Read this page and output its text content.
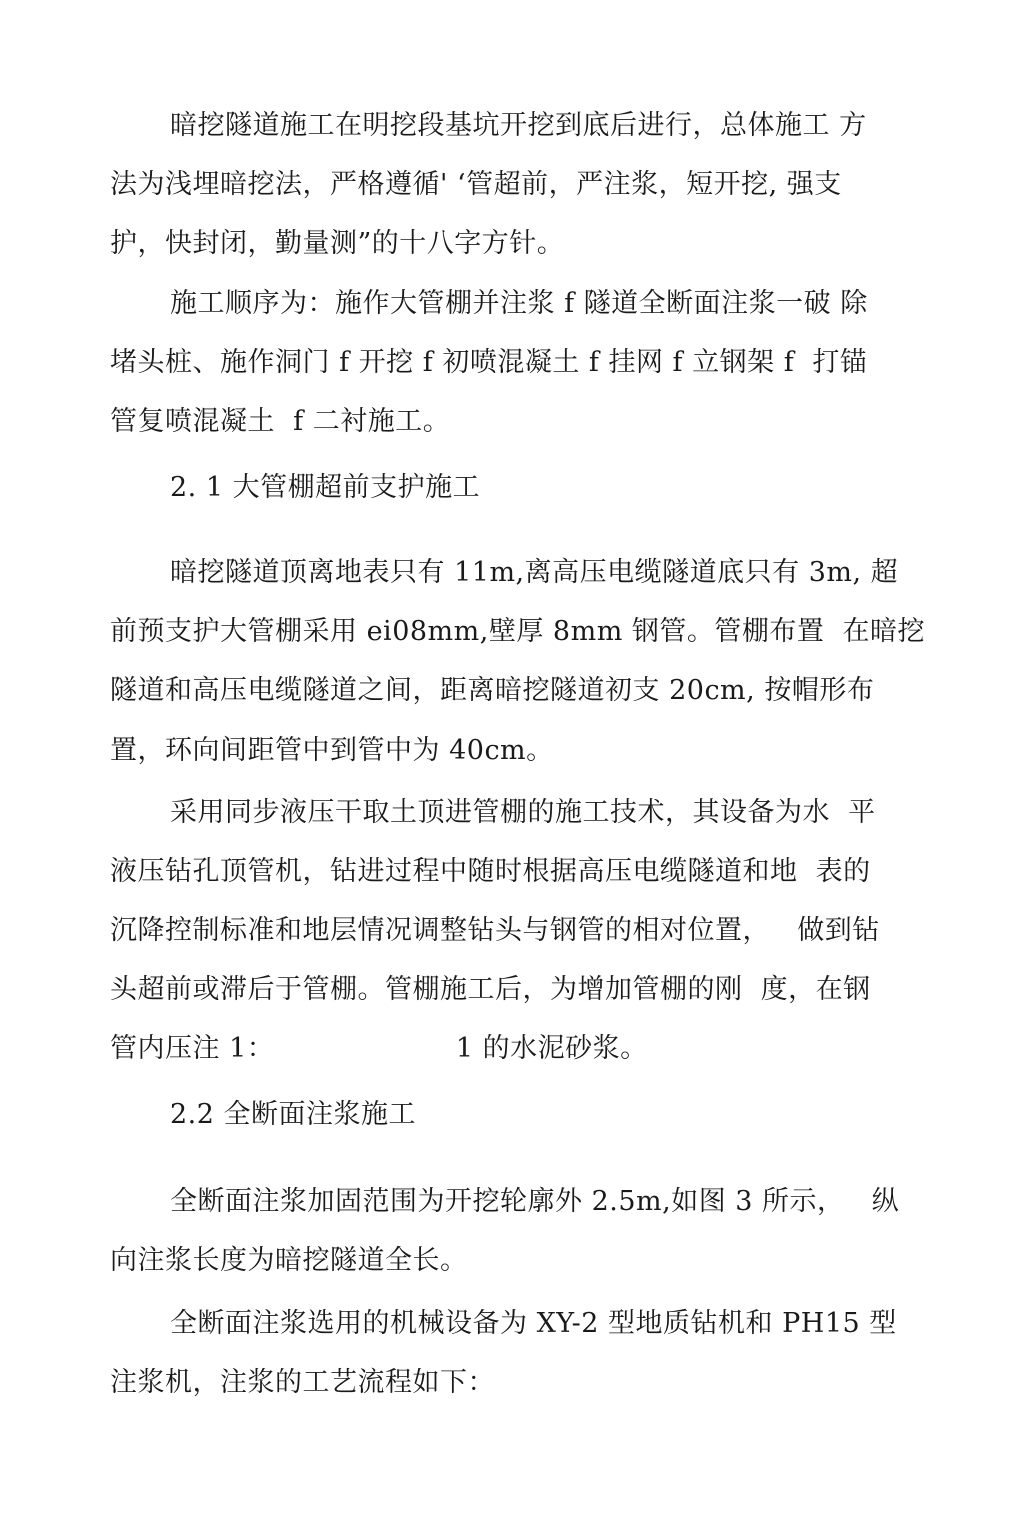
暗挖隧道施工在明挖段基坑开挖到底后进行，总体施工 方
法为浅埋暗挖法，严格遵循' ‘管超前，严注浆，短开挖, 强支
护，快封闭，勤量测”的十八字方针。
施工顺序为：施作大管棚并注浆 f 隧道全断面注浆一破 除
堵头桩、施作洞门 f 开挖 f 初喷混凝土 f 挂网 f 立钢架 f  打锚
管复喷混凝土  f 二衬施工。
2. 1 大管棚超前支护施工
暗挖隧道顶离地表只有 11m,离高压电缆隧道底只有 3m, 超
前预支护大管棚采用 ei08mm,壁厚 8mm 钢管。管棚布置  在暗挖
隧道和高压电缆隧道之间，距离暗挖隧道初支 20cm, 按帽形布
置，环向间距管中到管中为 40cm。
采用同步液压干取土顶进管棚的施工技术，其设备为水  平
液压钻孔顶管机，钻进过程中随时根据高压电缆隧道和地  表的
沉降控制标准和地层情况调整钻头与钢管的相对位置，   做到钻
头超前或滞后于管棚。管棚施工后，为增加管棚的刚  度，在钢
管内压注 1：                    1 的水泥砂浆。
2.2 全断面注浆施工
全断面注浆加固范围为开挖轮廓外 2.5m,如图 3 所示，   纵
向注浆长度为暗挖隧道全长。
全断面注浆选用的机械设备为 XY-2 型地质钻机和 PH15 型
注浆机，注浆的工艺流程如下：
